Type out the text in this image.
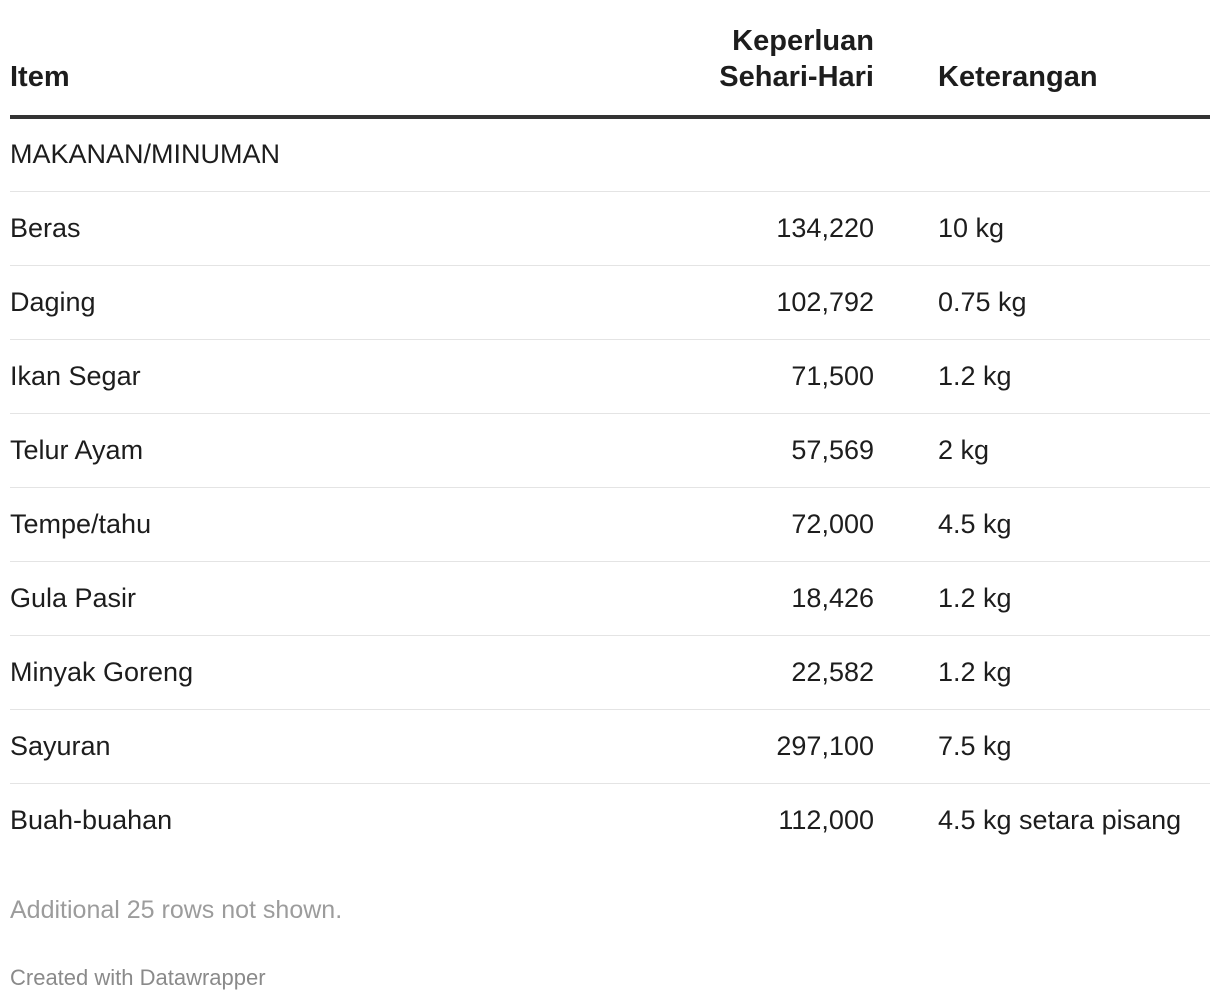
Item	Keperluan Sehari-Hari	Keterangan
MAKANAN/MINUMAN		
Beras	134,220	10 kg
Daging	102,792	0.75 kg
Ikan Segar	71,500	1.2 kg
Telur Ayam	57,569	2 kg
Tempe/tahu	72,000	4.5 kg
Gula Pasir	18,426	1.2 kg
Minyak Goreng	22,582	1.2 kg
Sayuran	297,100	7.5 kg
Buah-buahan	112,000	4.5 kg setara pisang
Additional 25 rows not shown.
Created with Datawrapper
